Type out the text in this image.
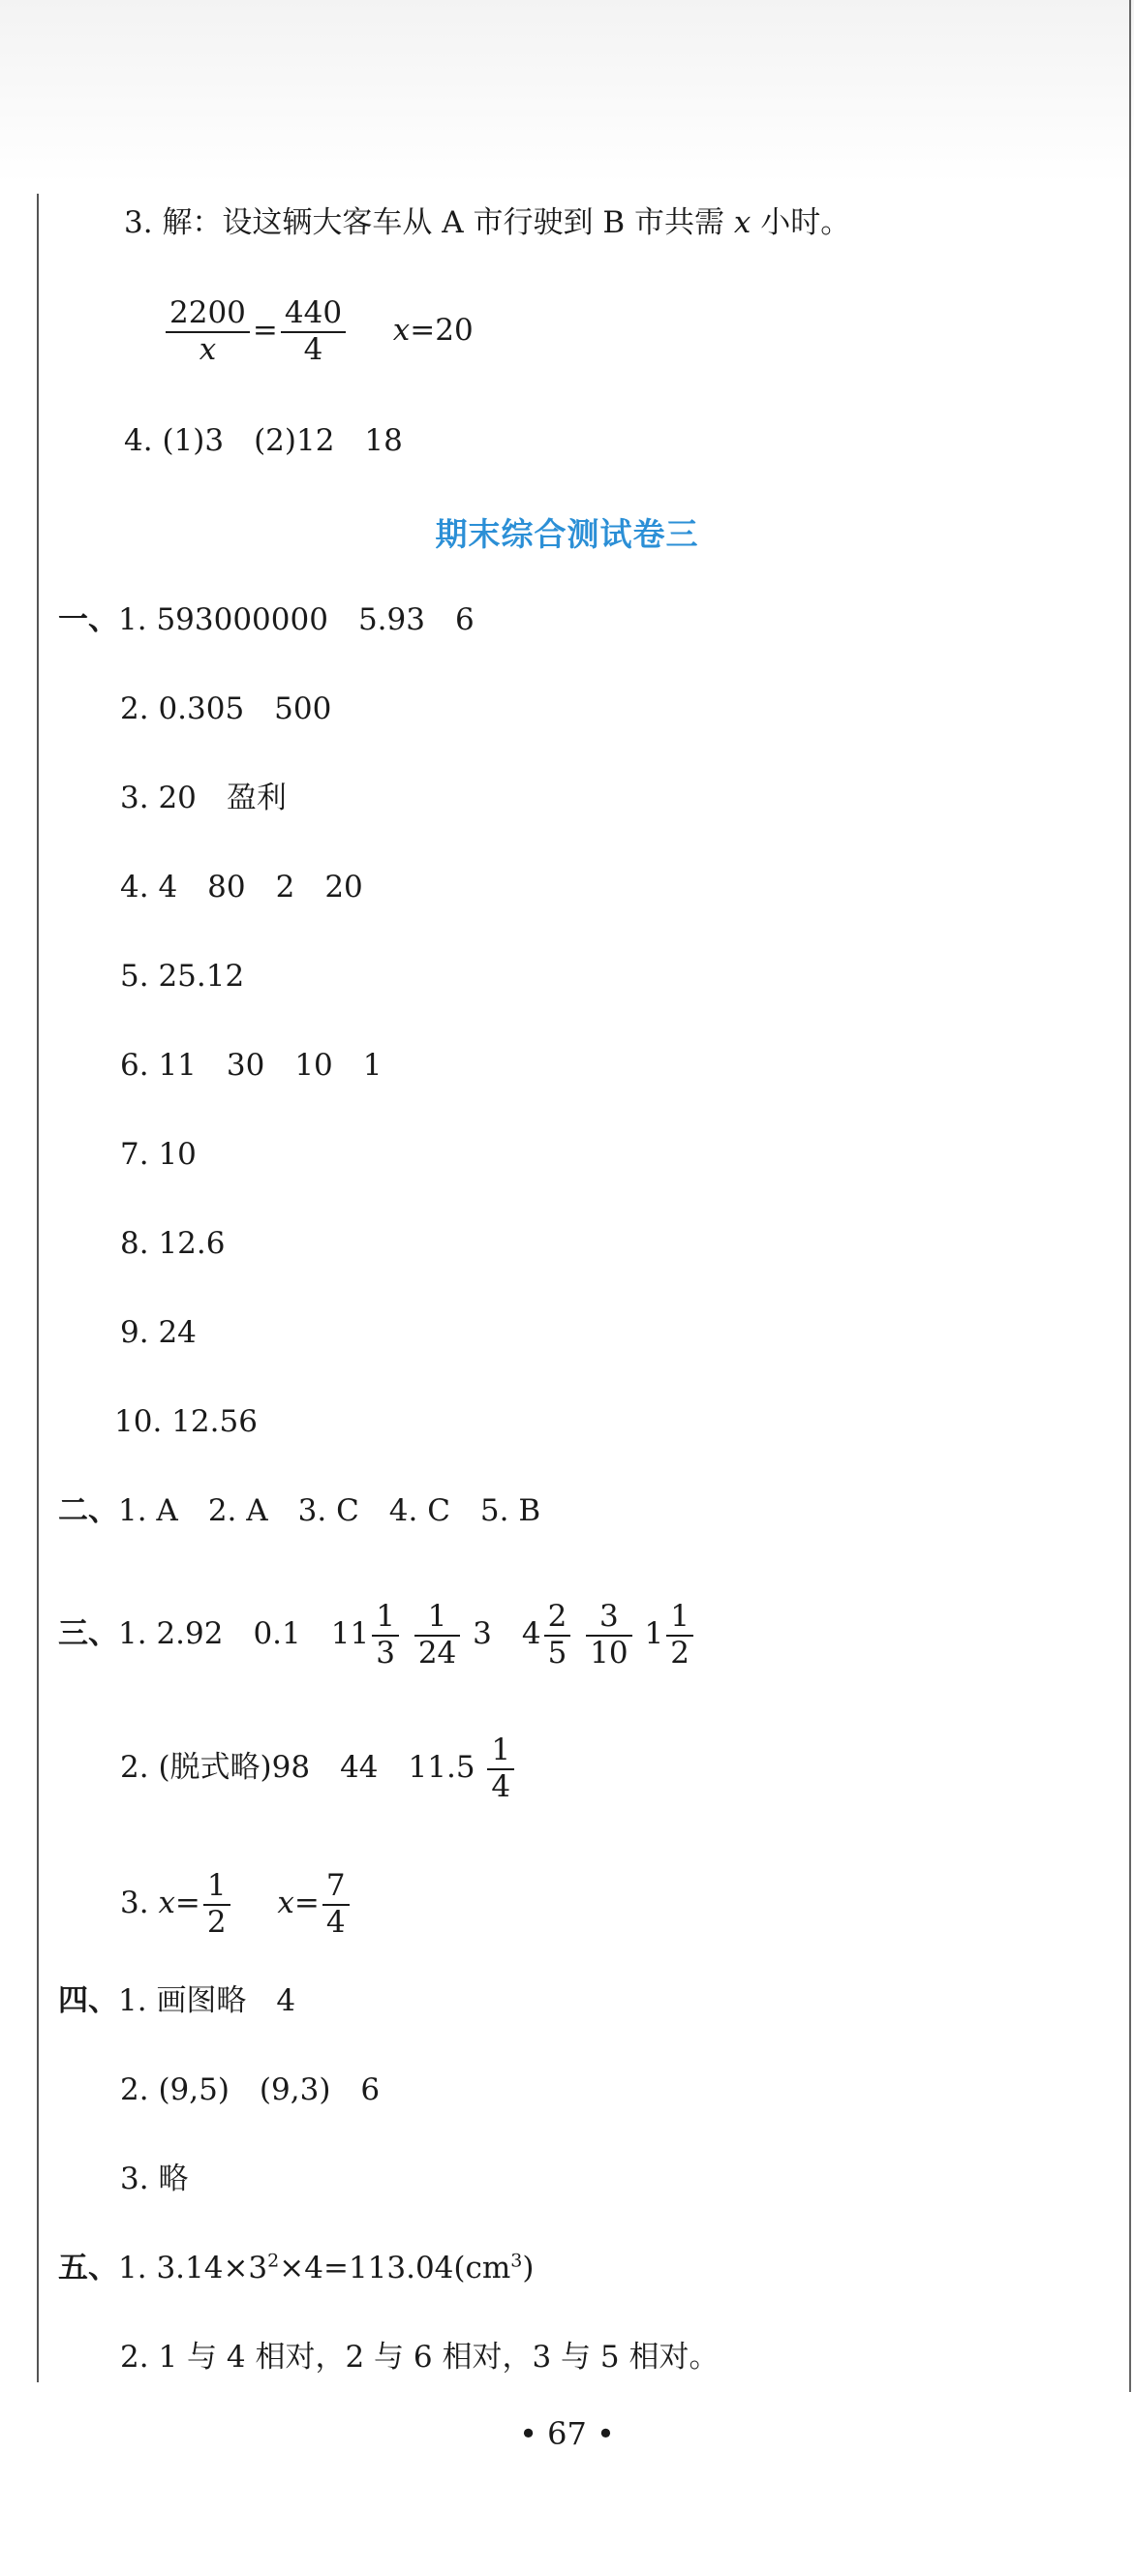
3. 解：设这辆大客车从 A 市行驶到 B 市共需 x 小时。
$\frac{2200}{x} = \frac{440}{4} x=20$
4. (1)3　(2)12　18
期末综合测试卷三
一、1. 593000000　5.93　6
2. 0.305　500
3. 20　盈利
4. 4　80　2　20
5. 25.12
6. 11　30　10　1
7. 10
8. 12.6
9. 24
10. 12.56
二、1. A　2. A　3. C　4. C　5. B
三、1. 2.92　0.1　$11 \frac{1}{3}$
$\frac{1}{24} 3$　$4 \frac{2}{5}$
$\frac{3}{10} 1 \frac{1}{2}$
2. (脱式略)98　44　$11.5 \frac{1}{4}$
3. $x= \frac{1}{2} x= \frac{7}{4}$
四、1. 画图略　4
2. (9,5)　(9,3)　6
3. 略
五、1. $3.14\times 3^2\times 4=113.04(cm^3)$
2. 1 与 4 相对，2 与 6 相对，3 与 5 相对。
• 67 •
